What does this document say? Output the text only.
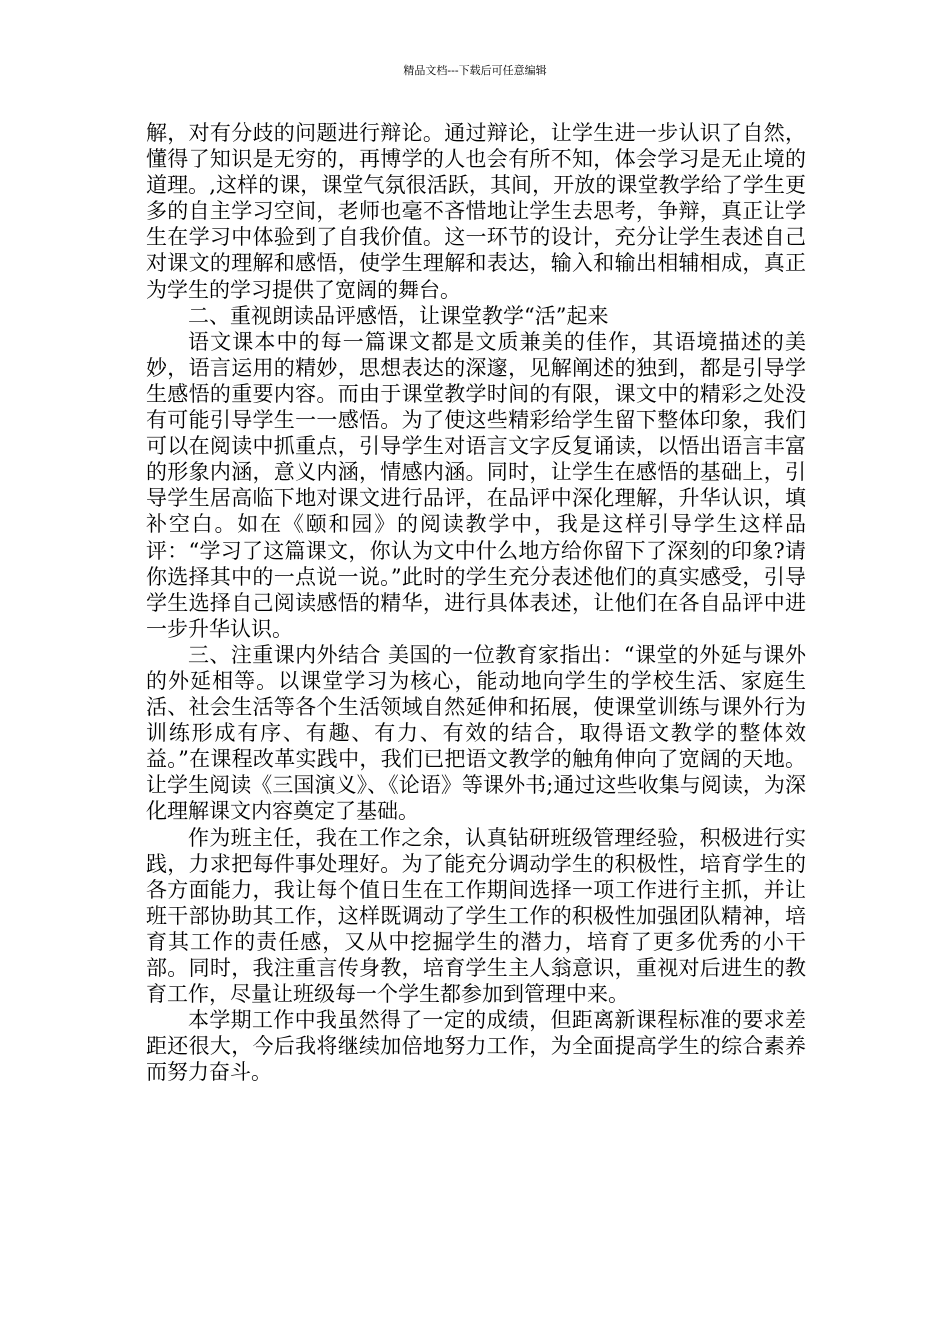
精品文档---下载后可任意编辑

解，对有分歧的问题进行辩论。通过辩论，让学生进一步认识了自然，懂得了知识是无穷的，再博学的人也会有所不知，体会学习是无止境的道理。,这样的课，课堂气氛很活跃，其间，开放的课堂教学给了学生更多的自主学习空间，老师也毫不吝惜地让学生去思考，争辩，真正让学生在学习中体验到了自我价值。这一环节的设计，充分让学生表述自己对课文的理解和感悟，使学生理解和表达，输入和输出相辅相成，真正为学生的学习提供了宽阔的舞台。

二、重视朗读品评感悟，让课堂教学“活”起来

语文课本中的每一篇课文都是文质兼美的佳作，其语境描述的美妙，语言运用的精妙，思想表达的深邃，见解阐述的独到，都是引导学生感悟的重要内容。而由于课堂教学时间的有限，课文中的精彩之处没有可能引导学生一一感悟。为了使这些精彩给学生留下整体印象，我们可以在阅读中抓重点，引导学生对语言文字反复诵读，以悟出语言丰富的形象内涵，意义内涵，情感内涵。同时，让学生在感悟的基础上，引导学生居高临下地对课文进行品评，在品评中深化理解，升华认识，填补空白。如在《颐和园》的阅读教学中，我是这样引导学生这样品评：“学习了这篇课文，你认为文中什么地方给你留下了深刻的印象?请你选择其中的一点说一说。”此时的学生充分表述他们的真实感受，引导学生选择自己阅读感悟的精华，进行具体表述，让他们在各自品评中进一步升华认识。

三、注重课内外结合 美国的一位教育家指出：“课堂的外延与课外的外延相等。以课堂学习为核心，能动地向学生的学校生活、家庭生活、社会生活等各个生活领域自然延伸和拓展，使课堂训练与课外行为训练形成有序、有趣、有力、有效的结合，取得语文教学的整体效益。”在课程改革实践中，我们已把语文教学的触角伸向了宽阔的天地。让学生阅读《三国演义》、《论语》等课外书;通过这些收集与阅读，为深化理解课文内容奠定了基础。

作为班主任，我在工作之余，认真钻研班级管理经验，积极进行实践，力求把每件事处理好。为了能充分调动学生的积极性，培育学生的各方面能力，我让每个值日生在工作期间选择一项工作进行主抓，并让班干部协助其工作，这样既调动了学生工作的积极性加强团队精神，培育其工作的责任感，又从中挖掘学生的潜力，培育了更多优秀的小干部。同时，我注重言传身教，培育学生主人翁意识，重视对后进生的教育工作，尽量让班级每一个学生都参加到管理中来。

本学期工作中我虽然得了一定的成绩，但距离新课程标准的要求差距还很大，今后我将继续加倍地努力工作，为全面提高学生的综合素养而努力奋斗。
